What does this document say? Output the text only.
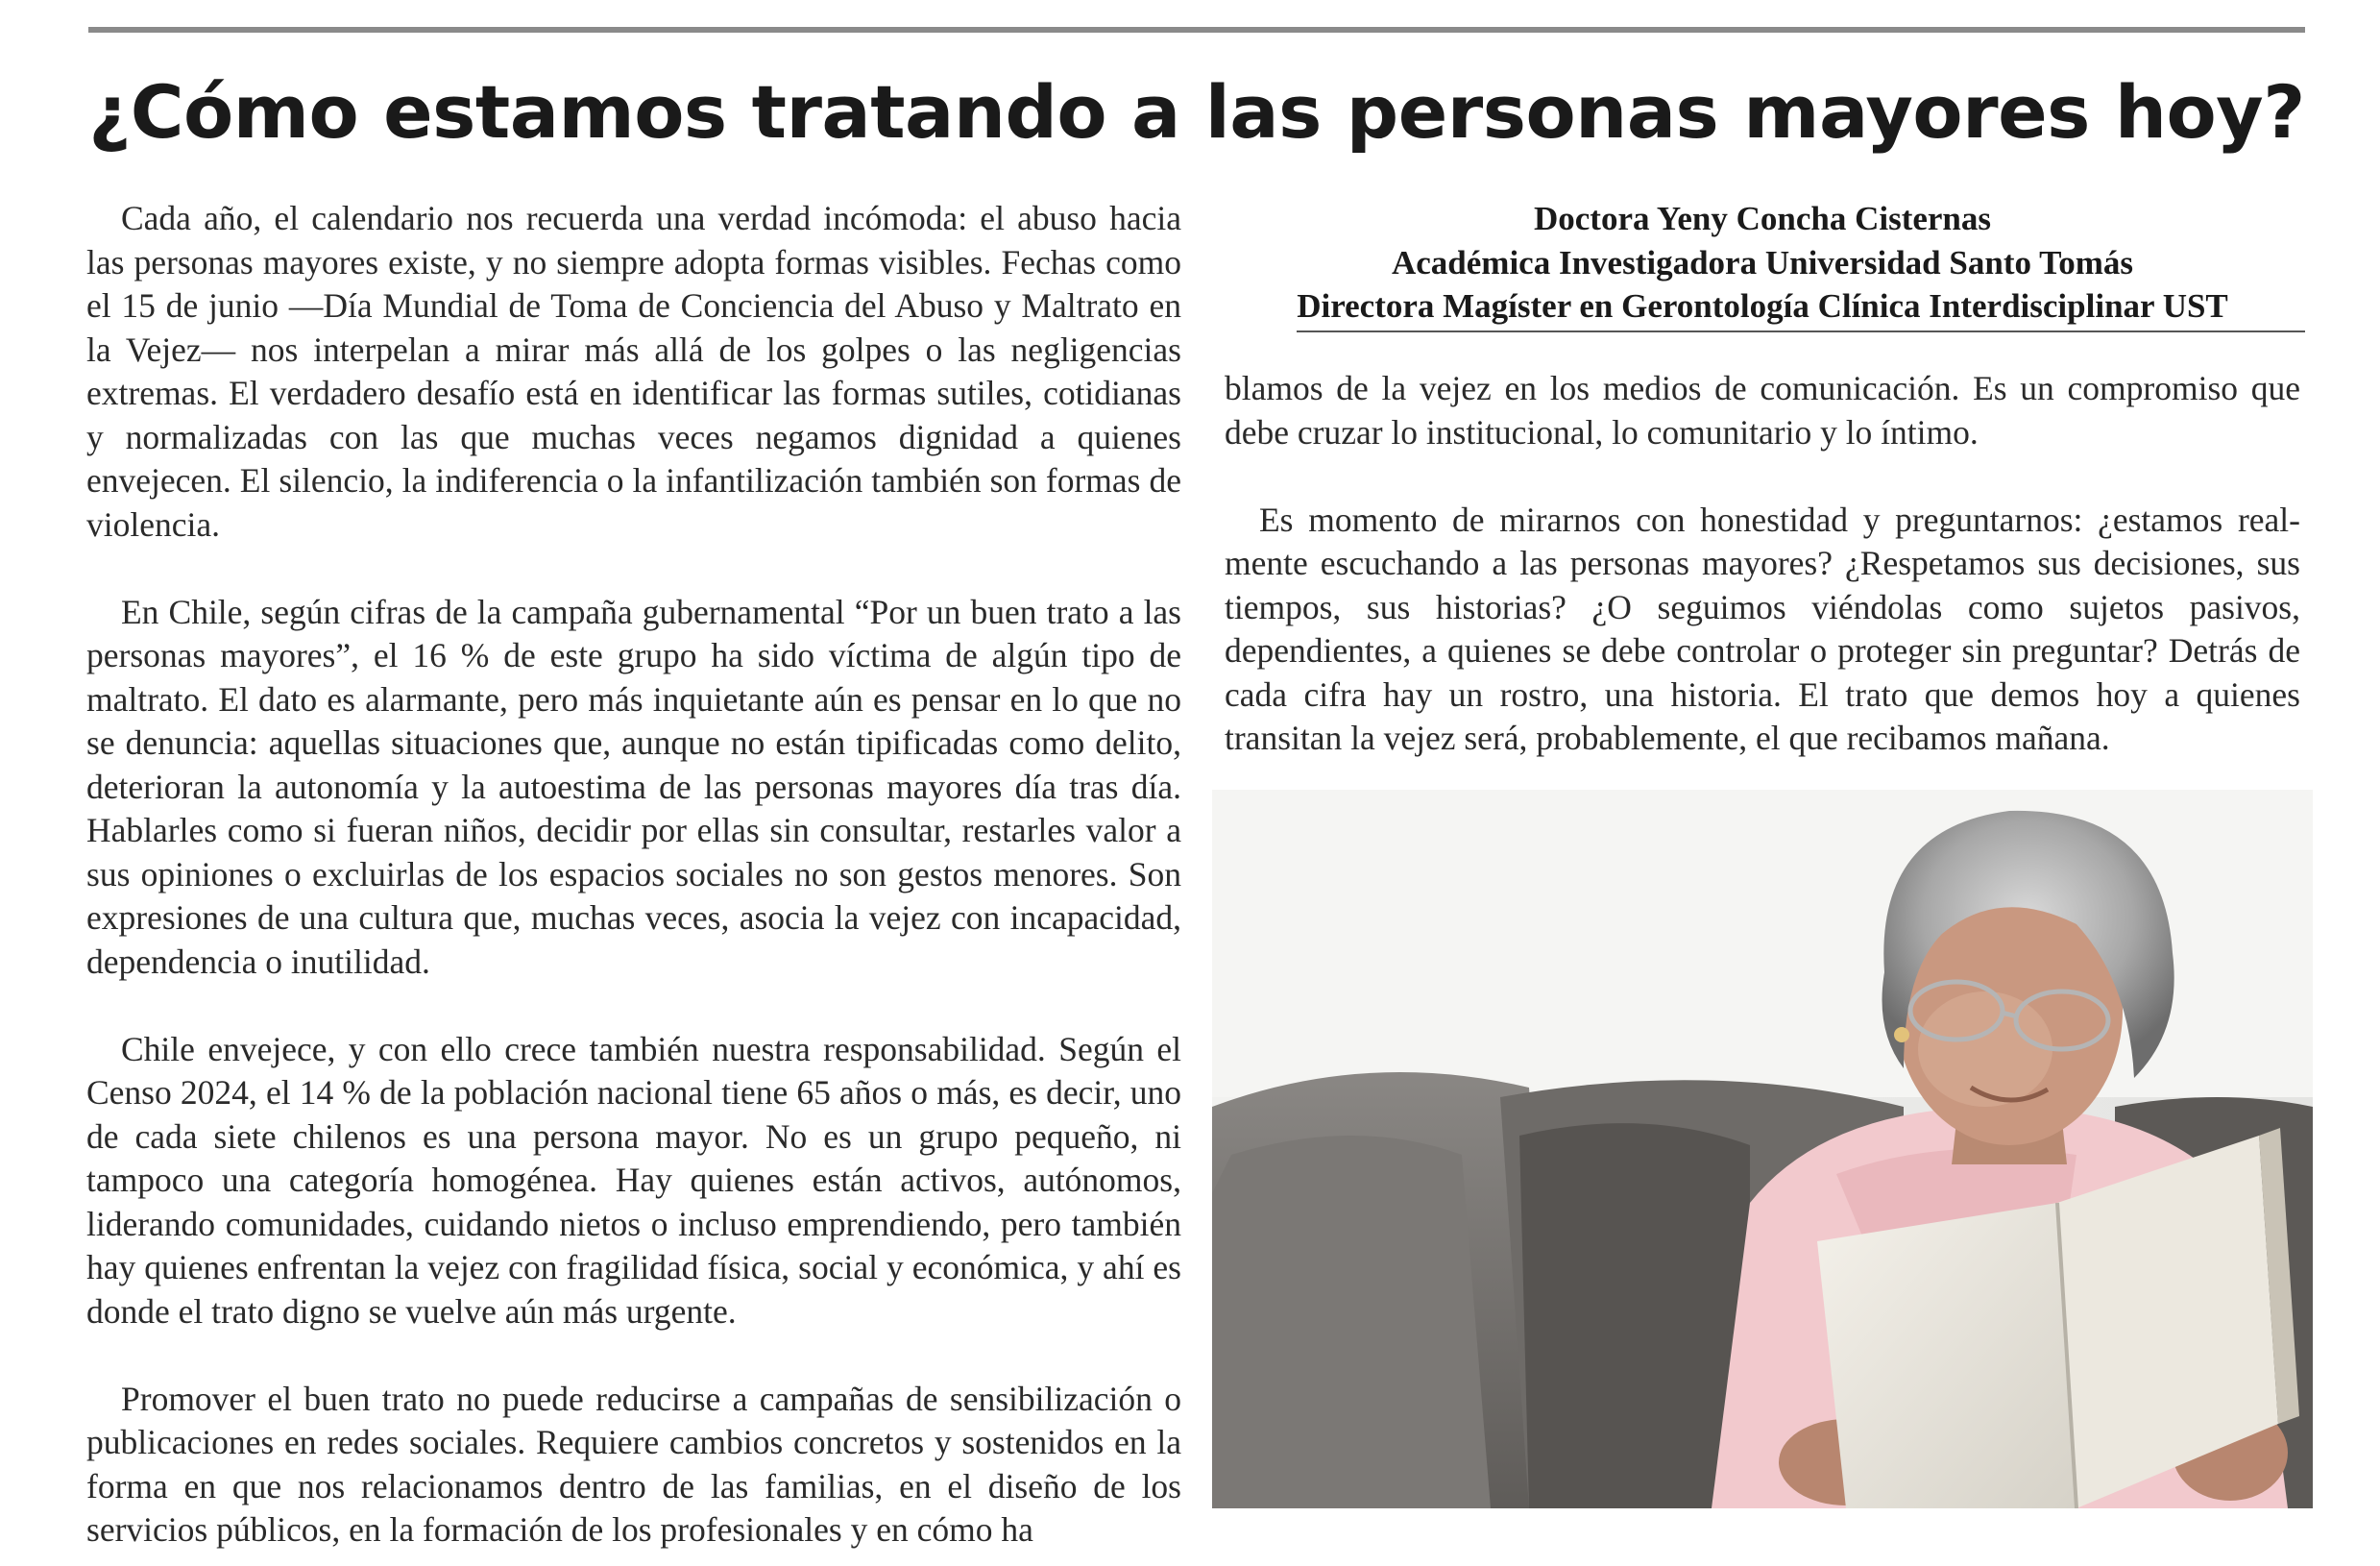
¿Cómo estamos tratando a las personas mayores hoy?

Cada año, el calendario nos recuerda una verdad incómoda: el abuso hacia las personas mayores existe, y no siempre adopta formas visibles. Fechas como el 15 de junio —Día Mundial de Toma de Conciencia del Abuso y Maltrato en la Vejez— nos interpelan a mirar más allá de los golpes o las negligencias extremas. El verdadero desafío está en identificar las formas sutiles, cotidianas y normalizadas con las que muchas veces negamos dignidad a quienes envejecen. El silencio, la indiferencia o la infantilización también son formas de violencia.

En Chile, según cifras de la campaña gubernamental “Por un buen trato a las personas mayores”, el 16 % de este grupo ha sido víctima de algún tipo de maltrato. El dato es alarmante, pero más inquietante aún es pensar en lo que no se denuncia: aquellas situaciones que, aunque no están tipificadas como delito, deterioran la autonomía y la autoestima de las personas mayores día tras día. Hablarles como si fueran niños, decidir por ellas sin consultar, restarles valor a sus opiniones o excluirlas de los espacios sociales no son gestos menores. Son expresiones de una cultura que, muchas veces, asocia la vejez con incapacidad, dependencia o inutilidad.

Chile envejece, y con ello crece también nuestra responsabilidad. Según el Censo 2024, el 14 % de la población nacional tiene 65 años o más, es decir, uno de cada siete chilenos es una persona mayor. No es un grupo pequeño, ni tampoco una categoría homogénea. Hay quienes están activos, autónomos, liderando comunidades, cuidando nietos o incluso emprendiendo, pero también hay quienes enfrentan la vejez con fragilidad física, social y económica, y ahí es donde el trato digno se vuelve aún más urgente.

Promover el buen trato no puede reducirse a campañas de sensibilización o publicaciones en redes sociales. Requiere cambios concretos y sostenidos en la forma en que nos relacionamos dentro de las familias, en el diseño de los servicios públicos, en la formación de los profesionales y en cómo ha

Doctora Yeny Concha Cisternas
Académica Investigadora Universidad Santo Tomás
Directora Magíster en Gerontología Clínica Interdisciplinar UST

blamos de la vejez en los medios de comunicación. Es un compromiso que debe cruzar lo institucional, lo comunitario y lo íntimo.

Es momento de mirarnos con honestidad y preguntarnos: ¿estamos realmente escuchando a las personas mayores? ¿Respetamos sus decisiones, sus tiempos, sus historias? ¿O seguimos viéndolas como sujetos pasivos, dependientes, a quienes se debe controlar o proteger sin preguntar? Detrás de cada cifra hay un rostro, una historia. El trato que demos hoy a quienes transitan la vejez será, probablemente, el que recibamos mañana.
